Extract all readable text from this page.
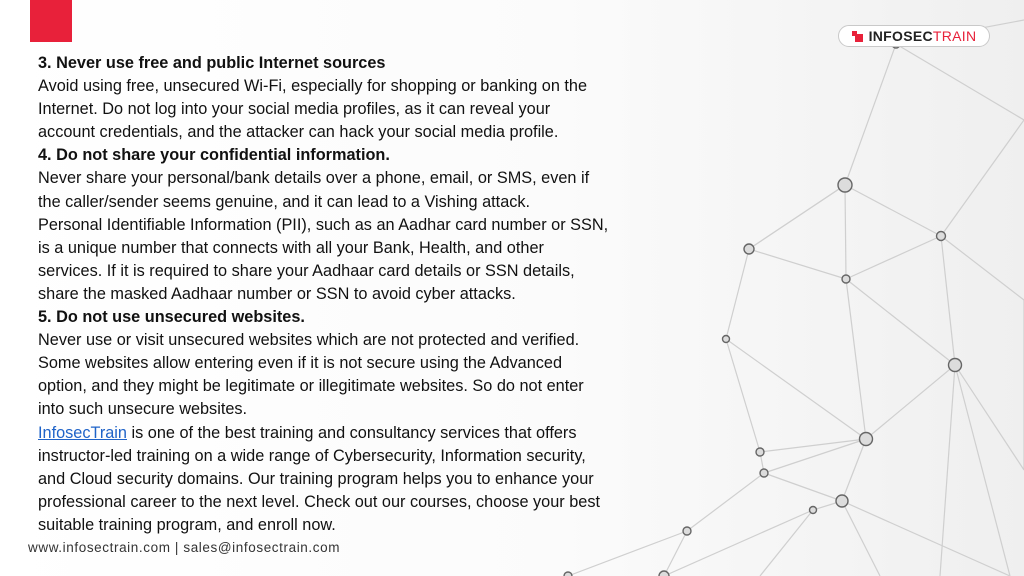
INFOSECTRAIN

3. Never use free and public Internet sources

Avoid using free, unsecured Wi-Fi, especially for shopping or banking on the

Internet. Do not log into your social media profiles, as it can reveal your

account credentials, and the attacker can hack your social media profile.

4. Do not share your confidential information.

Never share your personal/bank details over a phone, email, or SMS, even if

the caller/sender seems genuine, and it can lead to a Vishing attack.

Personal Identifiable Information (PII), such as an Aadhar card number or SSN,

is a unique number that connects with all your Bank, Health, and other

services. If it is required to share your Aadhaar card details or SSN details,

share the masked Aadhaar number or SSN to avoid cyber attacks.

5. Do not use unsecured websites.

Never use or visit unsecured websites which are not protected and verified.

Some websites allow entering even if it is not secure using the Advanced

option, and they might be legitimate or illegitimate websites. So do not enter

into such unsecure websites.

InfosecTrain is one of the best training and consultancy services that offers

instructor-led training on a wide range of Cybersecurity, Information security,

and Cloud security domains. Our training program helps you to enhance your

professional career to the next level. Check out our courses, choose your best

suitable training program, and enroll now.

www.infosectrain.com | sales@infosectrain.com
